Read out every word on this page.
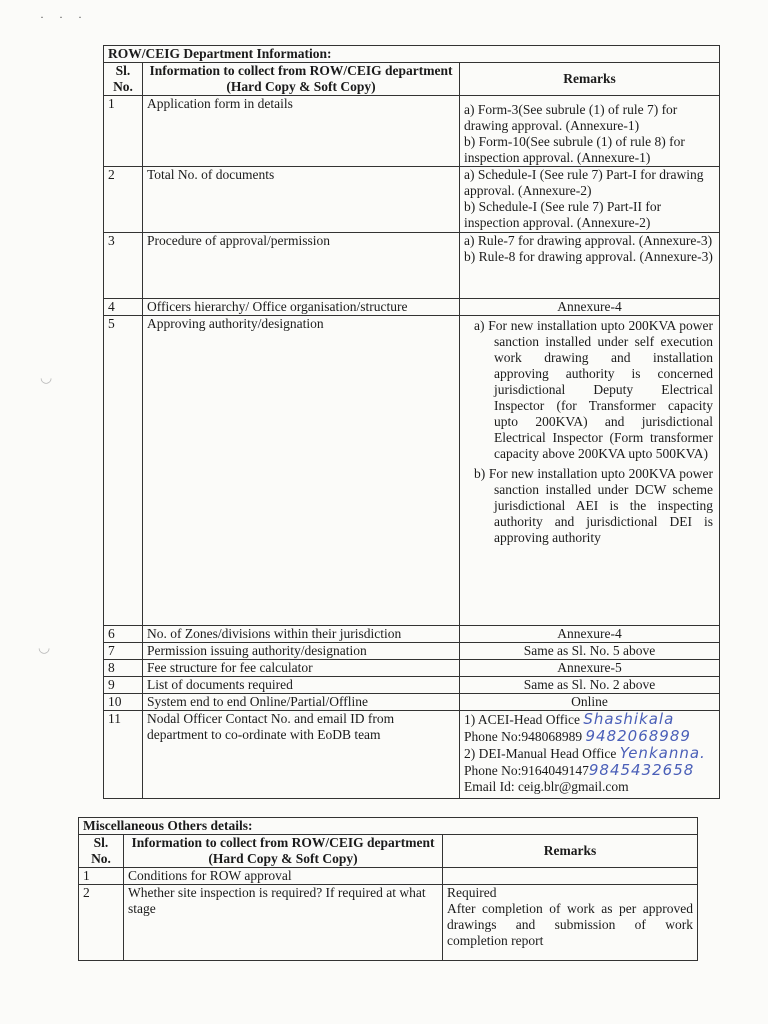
· · ·
◡
◡
ROW/CEIG Department Information:		
Sl. No.	Information to collect from ROW/CEIG department (Hard Copy & Soft Copy)	Remarks
1	Application form in details	a) Form-3(See subrule (1) of rule 7) for drawing approval. (Annexure-1)
b) Form-10(See subrule (1) of rule 8) for inspection approval. (Annexure-1)
2	Total No. of documents	a) Schedule-I (See rule 7) Part-I for drawing approval. (Annexure-2)
b) Schedule-I (See rule 7) Part-II for inspection approval. (Annexure-2)
3	Procedure of approval/permission	a) Rule-7 for drawing approval. (Annexure-3)
b) Rule-8 for drawing approval. (Annexure-3)
4	Officers hierarchy/ Office organisation/structure	Annexure-4
5	Approving authority/designation	a) For new installation upto 200KVA power sanction installed under self execution work drawing and installation approving authority is concerned jurisdictional Deputy Electrical Inspector (for Transformer capacity upto 200KVA) and jurisdictional Electrical Inspector (Form transformer capacity above 200KVA upto 500KVA)
b) For new installation upto 200KVA power sanction installed under DCW scheme jurisdictional AEI is the inspecting authority and jurisdictional DEI is approving authority

6	No. of Zones/divisions within their jurisdiction	Annexure-4
7	Permission issuing authority/designation	Same as Sl. No. 5 above
8	Fee structure for fee calculator	Annexure-5
9	List of documents required	Same as Sl. No. 2 above
10	System end to end Online/Partial/Offline	Online
11	Nodal Officer Contact No. and email ID from department to co-ordinate with EoDB team	1) ACEI-Head Office Shashikala
Phone No:948068989 9482068989
2) DEI-Manual Head Office Yenkanna.
Phone No:91640491479845432658
Email Id: ceig.blr@gmail.com
Miscellaneous Others details:		
Sl. No.	Information to collect from ROW/CEIG department (Hard Copy & Soft Copy)	Remarks
1	Conditions for ROW approval	
2	Whether site inspection is required? If required at what stage	Required
After completion of work as per approved drawings and submission of work completion report
